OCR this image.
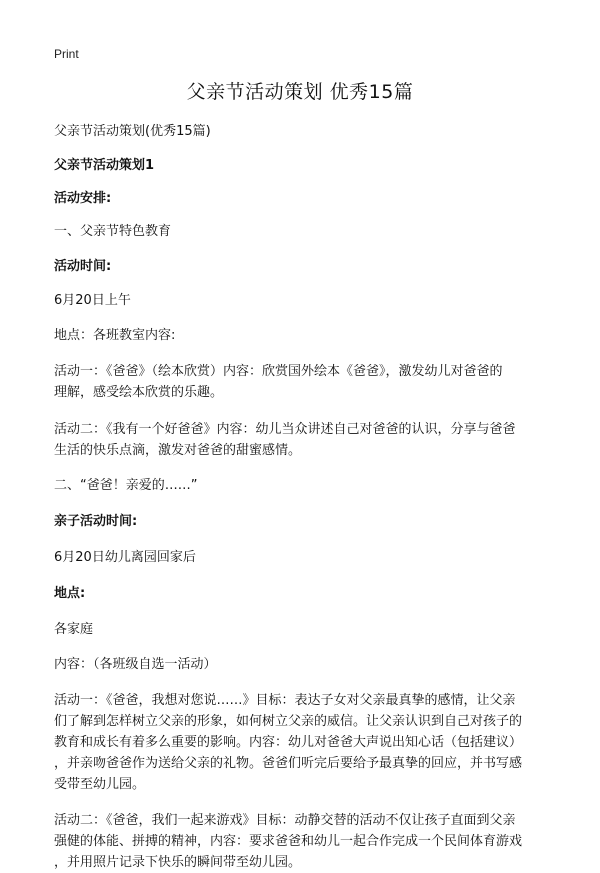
Print
父亲节活动策划 优秀15篇

父亲节活动策划(优秀15篇)

父亲节活动策划1

活动安排:

一、父亲节特色教育

活动时间:

6月20日上午

地点：各班教室内容:

活动一：《爸爸》（绘本欣赏）内容：欣赏国外绘本《爸爸》，激发幼儿对爸爸的

理解，感受绘本欣赏的乐趣。

活动二：《我有一个好爸爸》内容：幼儿当众讲述自己对爸爸的认识，分享与爸爸

生活的快乐点滴，激发对爸爸的甜蜜感情。

二、“爸爸！亲爱的……”

亲子活动时间:

6月20日幼儿离园回家后

地点:

各家庭

内容：（各班级自选一活动）

活动一：《爸爸，我想对您说……》目标：表达子女对父亲最真挚的感情，让父亲

们了解到怎样树立父亲的形象，如何树立父亲的威信。让父亲认识到自己对孩子的

教育和成长有着多么重要的影响。内容：幼儿对爸爸大声说出知心话（包括建议）

，并亲吻爸爸作为送给父亲的礼物。爸爸们听完后要给予最真挚的回应，并书写感

受带至幼儿园。

活动二：《爸爸，我们一起来游戏》目标：动静交替的活动不仅让孩子直面到父亲

强健的体能、拼搏的精神，内容：要求爸爸和幼儿一起合作完成一个民间体育游戏

，并用照片记录下快乐的瞬间带至幼儿园。
